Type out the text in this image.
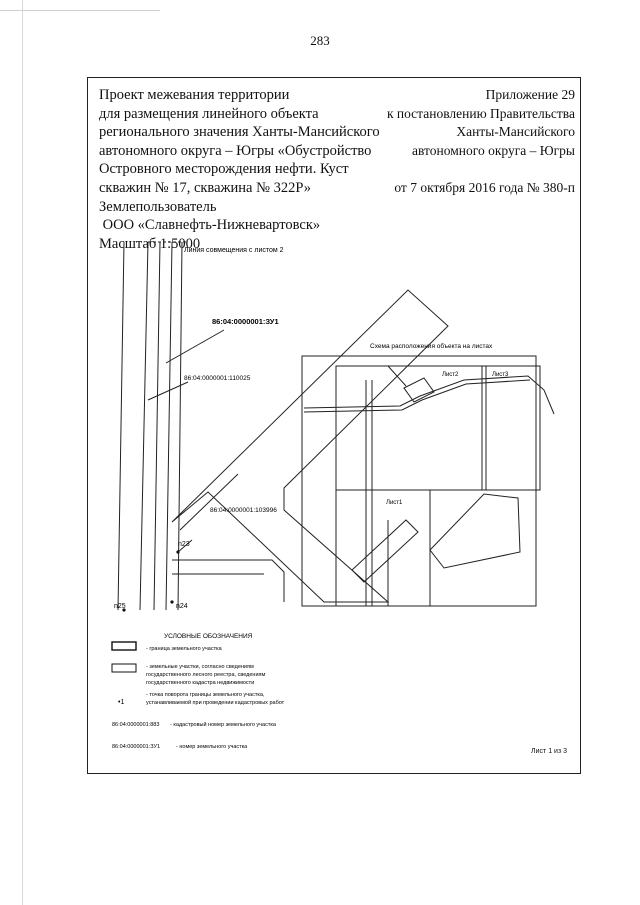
283
Проект межевания территории
для размещения линейного объекта
регионального значения Ханты-Мансийского
автономного округа – Югры «Обустройство
Островного месторождения нефти. Куст
скважин № 17, скважина № 322Р»
Землепользователь
ООО «Славнефть-Нижневартовск»
Масштаб 1:5000
Приложение 29
к постановлению Правительства
Ханты-Мансийского
автономного округа – Югры
от 7 октября 2016 года № 380-п
Линия совмещения с листом 2
86:04:0000001:ЗУ1
86:04:0000001:110025
86:04:0000001:103996
n23
n25	n24
Схема расположения объекта на листах
Лист2	Лист3
Лист1
УСЛОВНЫЕ ОБОЗНАЧЕНИЯ
- граница земельного участка
- земельные участки, согласно сведениям
государственного лесного реестра, сведениям
государственного кадастра недвижимости
•1
- точка поворота границы земельного участка,
устанавливаемой при проведении кадастровых работ
86:04:0000001:883 - кадастровый номер земельного участка
86:04:0000001:ЗУ1	- номер земельного участка
Лист 1 из 3
